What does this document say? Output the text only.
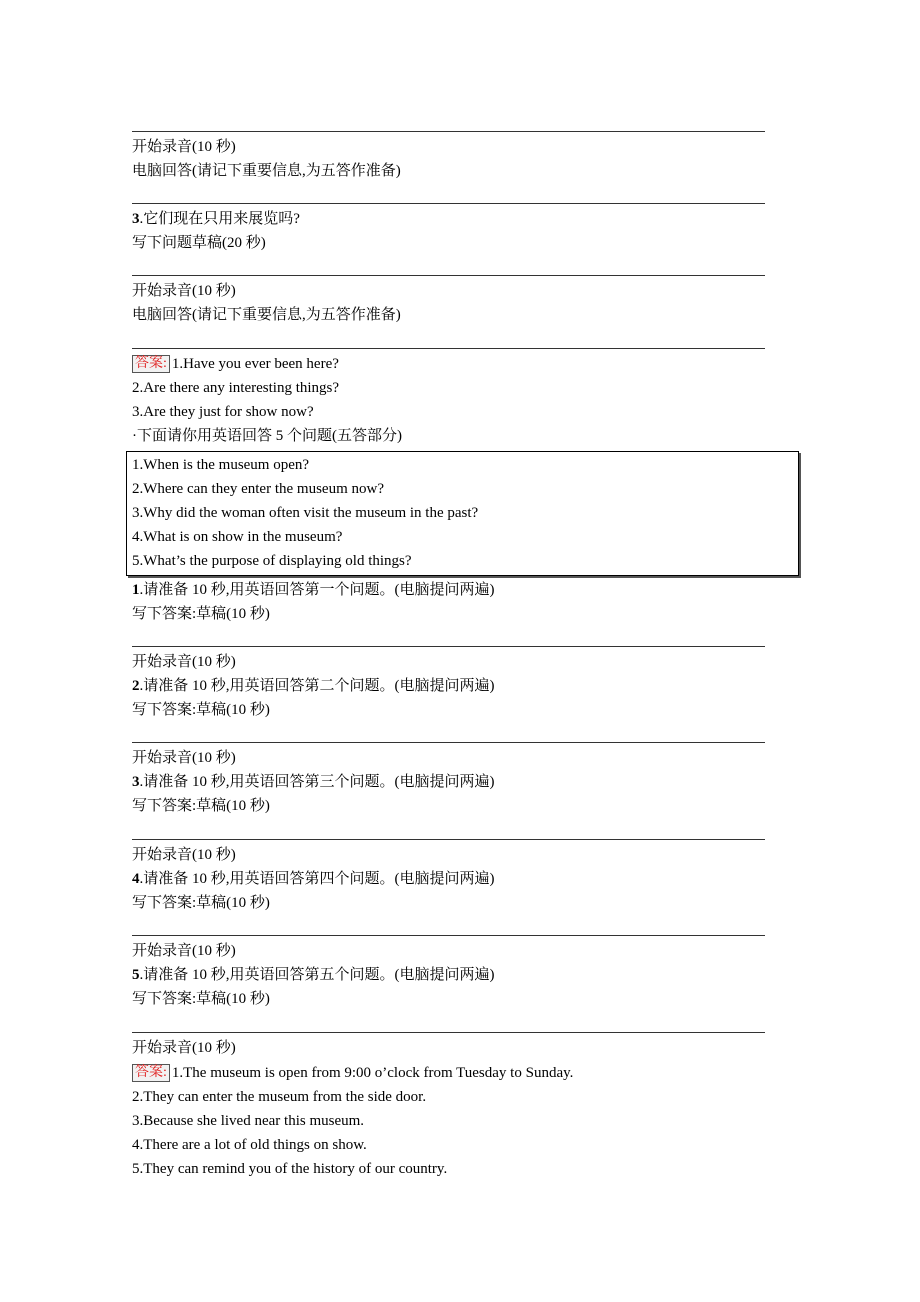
开始录音(10 秒)

电脑回答(请记下重要信息,为五答作准备)

3.它们现在只用来展览吗?

写下问题草稿(20 秒)

开始录音(10 秒)

电脑回答(请记下重要信息,为五答作准备)

答案: 1.Have you ever been here?

2.Are there any interesting things?

3.Are they just for show now?

·下面请你用英语回答 5 个问题(五答部分)

1.When is the museum open?

2.Where can they enter the museum now?

3.Why did the woman often visit the museum in the past?

4.What is on show in the museum?

5.What’s the purpose of displaying old things?

1.请准备 10 秒,用英语回答第一个问题。(电脑提问两遍)

写下答案:草稿(10 秒)

开始录音(10 秒)

2.请准备 10 秒,用英语回答第二个问题。(电脑提问两遍)

写下答案:草稿(10 秒)

开始录音(10 秒)

3.请准备 10 秒,用英语回答第三个问题。(电脑提问两遍)

写下答案:草稿(10 秒)

开始录音(10 秒)

4.请准备 10 秒,用英语回答第四个问题。(电脑提问两遍)

写下答案:草稿(10 秒)

开始录音(10 秒)

5.请准备 10 秒,用英语回答第五个问题。(电脑提问两遍)

写下答案:草稿(10 秒)

开始录音(10 秒)

答案: 1.The museum is open from 9:00 o’clock from Tuesday to Sunday.

2.They can enter the museum from the side door.

3.Because she lived near this museum.

4.There are a lot of old things on show.

5.They can remind you of the history of our country.
